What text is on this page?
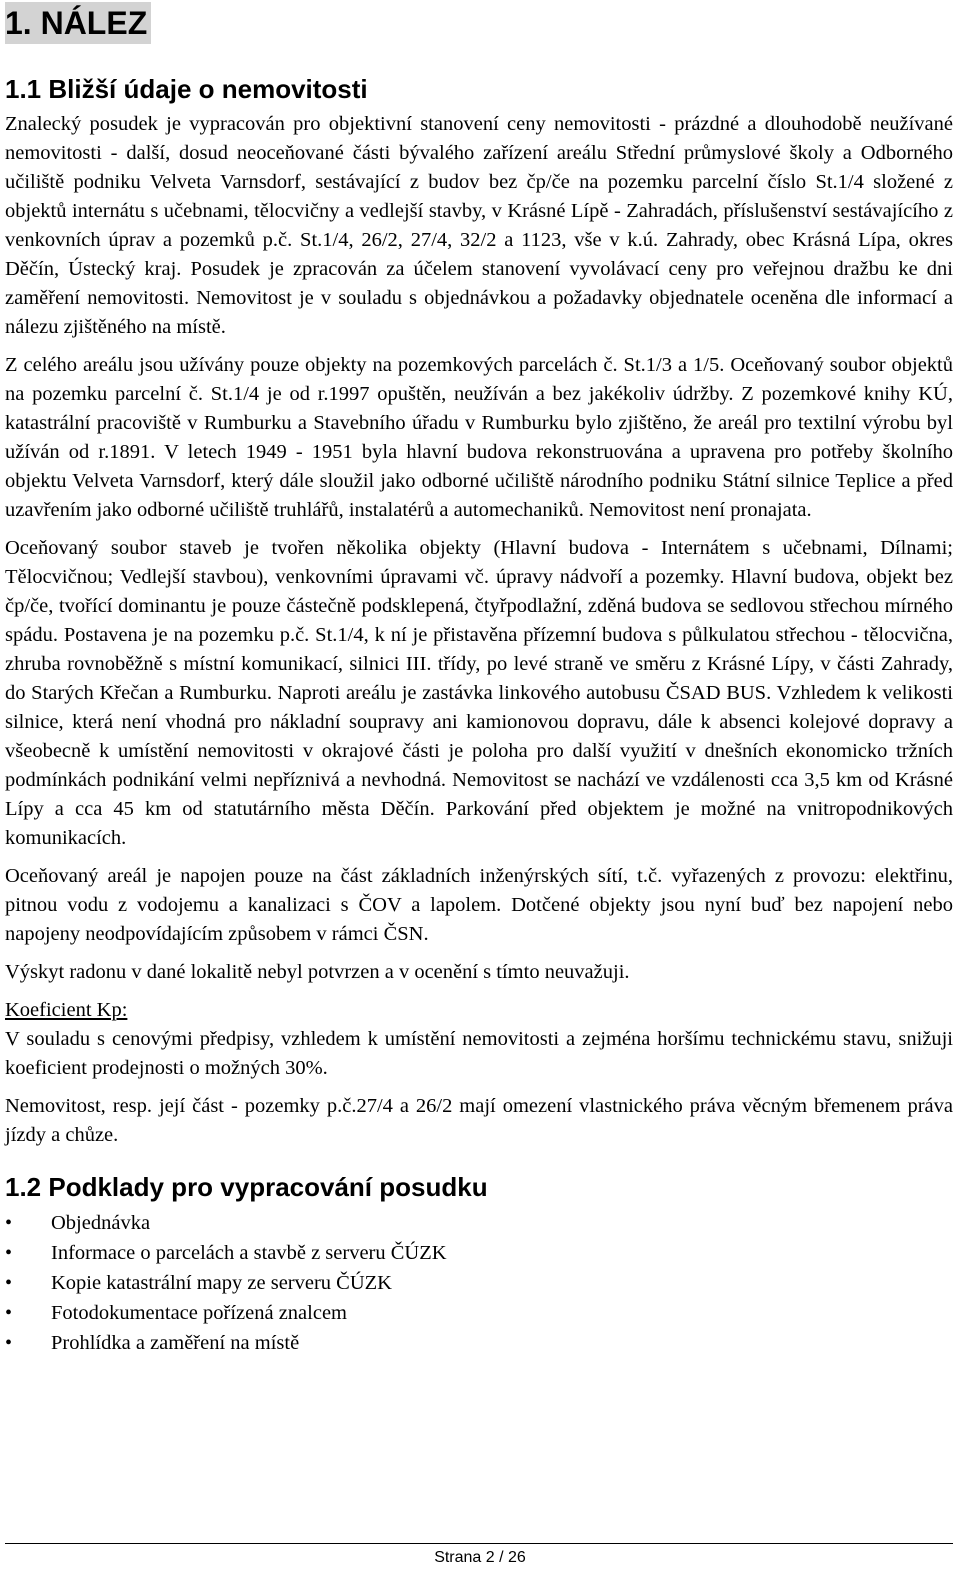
1. NÁLEZ
1.1 Bližší údaje o nemovitosti

Znalecký posudek je vypracován pro objektivní stanovení ceny nemovitosti - prázdné a dlouhodobě neužívané nemovitosti - další, dosud neoceňované části bývalého zařízení areálu Střední průmyslové školy a Odborného učiliště podniku Velveta Varnsdorf, sestávající z budov bez čp/če na pozemku parcelní číslo St.1/4 složené z objektů internátu s učebnami, tělocvičny a vedlejší stavby, v Krásné Lípě - Zahradách, příslušenství sestávajícího z venkovních úprav a pozemků p.č. St.1/4, 26/2, 27/4, 32/2 a 1123, vše v k.ú. Zahrady, obec Krásná Lípa, okres Děčín, Ústecký kraj. Posudek je zpracován za účelem stanovení vyvolávací ceny pro veřejnou dražbu ke dni zaměření nemovitosti. Nemovitost je v souladu s objednávkou a požadavky objednatele oceněna dle informací a nálezu zjištěného na místě.

Z celého areálu jsou užívány pouze objekty na pozemkových parcelách č. St.1/3 a 1/5. Oceňovaný soubor objektů na pozemku parcelní č. St.1/4 je od r.1997 opuštěn, neužíván a bez jakékoliv údržby. Z pozemkové knihy KÚ, katastrální pracoviště v Rumburku a Stavebního úřadu v Rumburku bylo zjištěno, že areál pro textilní výrobu byl užíván od r.1891. V letech 1949 - 1951 byla hlavní budova rekonstruována a upravena pro potřeby školního objektu Velveta Varnsdorf, který dále sloužil jako odborné učiliště národního podniku Státní silnice Teplice a před uzavřením jako odborné učiliště truhlářů, instalatérů a automechaniků. Nemovitost není pronajata.

Oceňovaný soubor staveb je tvořen několika objekty (Hlavní budova - Internátem s učebnami, Dílnami; Tělocvičnou; Vedlejší stavbou), venkovními úpravami vč. úpravy nádvoří a pozemky. Hlavní budova, objekt bez čp/če, tvořící dominantu je pouze částečně podsklepená, čtyřpodlažní, zděná budova se sedlovou střechou mírného spádu. Postavena je na pozemku p.č. St.1/4, k ní je přistavěna přízemní budova s půlkulatou střechou - tělocvična, zhruba rovnoběžně s místní komunikací, silnici III. třídy, po levé straně ve směru z Krásné Lípy, v části Zahrady, do Starých Křečan a Rumburku. Naproti areálu je zastávka linkového autobusu ČSAD BUS. Vzhledem k velikosti silnice, která není vhodná pro nákladní soupravy ani kamionovou dopravu, dále k absenci kolejové dopravy a všeobecně k umístění nemovitosti v okrajové části je poloha pro další využití v dnešních ekonomicko tržních podmínkách podnikání velmi nepříznivá a nevhodná. Nemovitost se nachází ve vzdálenosti cca 3,5 km od Krásné Lípy a cca 45 km od statutárního města Děčín. Parkování před objektem je možné na vnitropodnikových komunikacích.

Oceňovaný areál je napojen pouze na část základních inženýrských sítí, t.č. vyřazených z provozu: elektřinu, pitnou vodu z vodojemu a kanalizaci s ČOV a lapolem. Dotčené objekty jsou nyní buď bez napojení nebo napojeny neodpovídajícím způsobem v rámci ČSN.

Výskyt radonu v dané lokalitě nebyl potvrzen a v ocenění s tímto neuvažuji.

Koeficient Kp:

V souladu s cenovými předpisy, vzhledem k umístění nemovitosti a zejména horšímu technickému stavu, snižuji koeficient prodejnosti o možných 30%.

Nemovitost, resp. její část - pozemky p.č.27/4 a 26/2 mají omezení vlastnického práva věcným břemenem práva jízdy a chůze.

1.2 Podklady pro vypracování posudku
•	Objednávka
•	Informace o parcelách a stavbě z serveru ČÚZK
•	Kopie katastrální mapy ze serveru ČÚZK
•	Fotodokumentace pořízená znalcem
•	Prohlídka a zaměření na místě
Strana 2 / 26
